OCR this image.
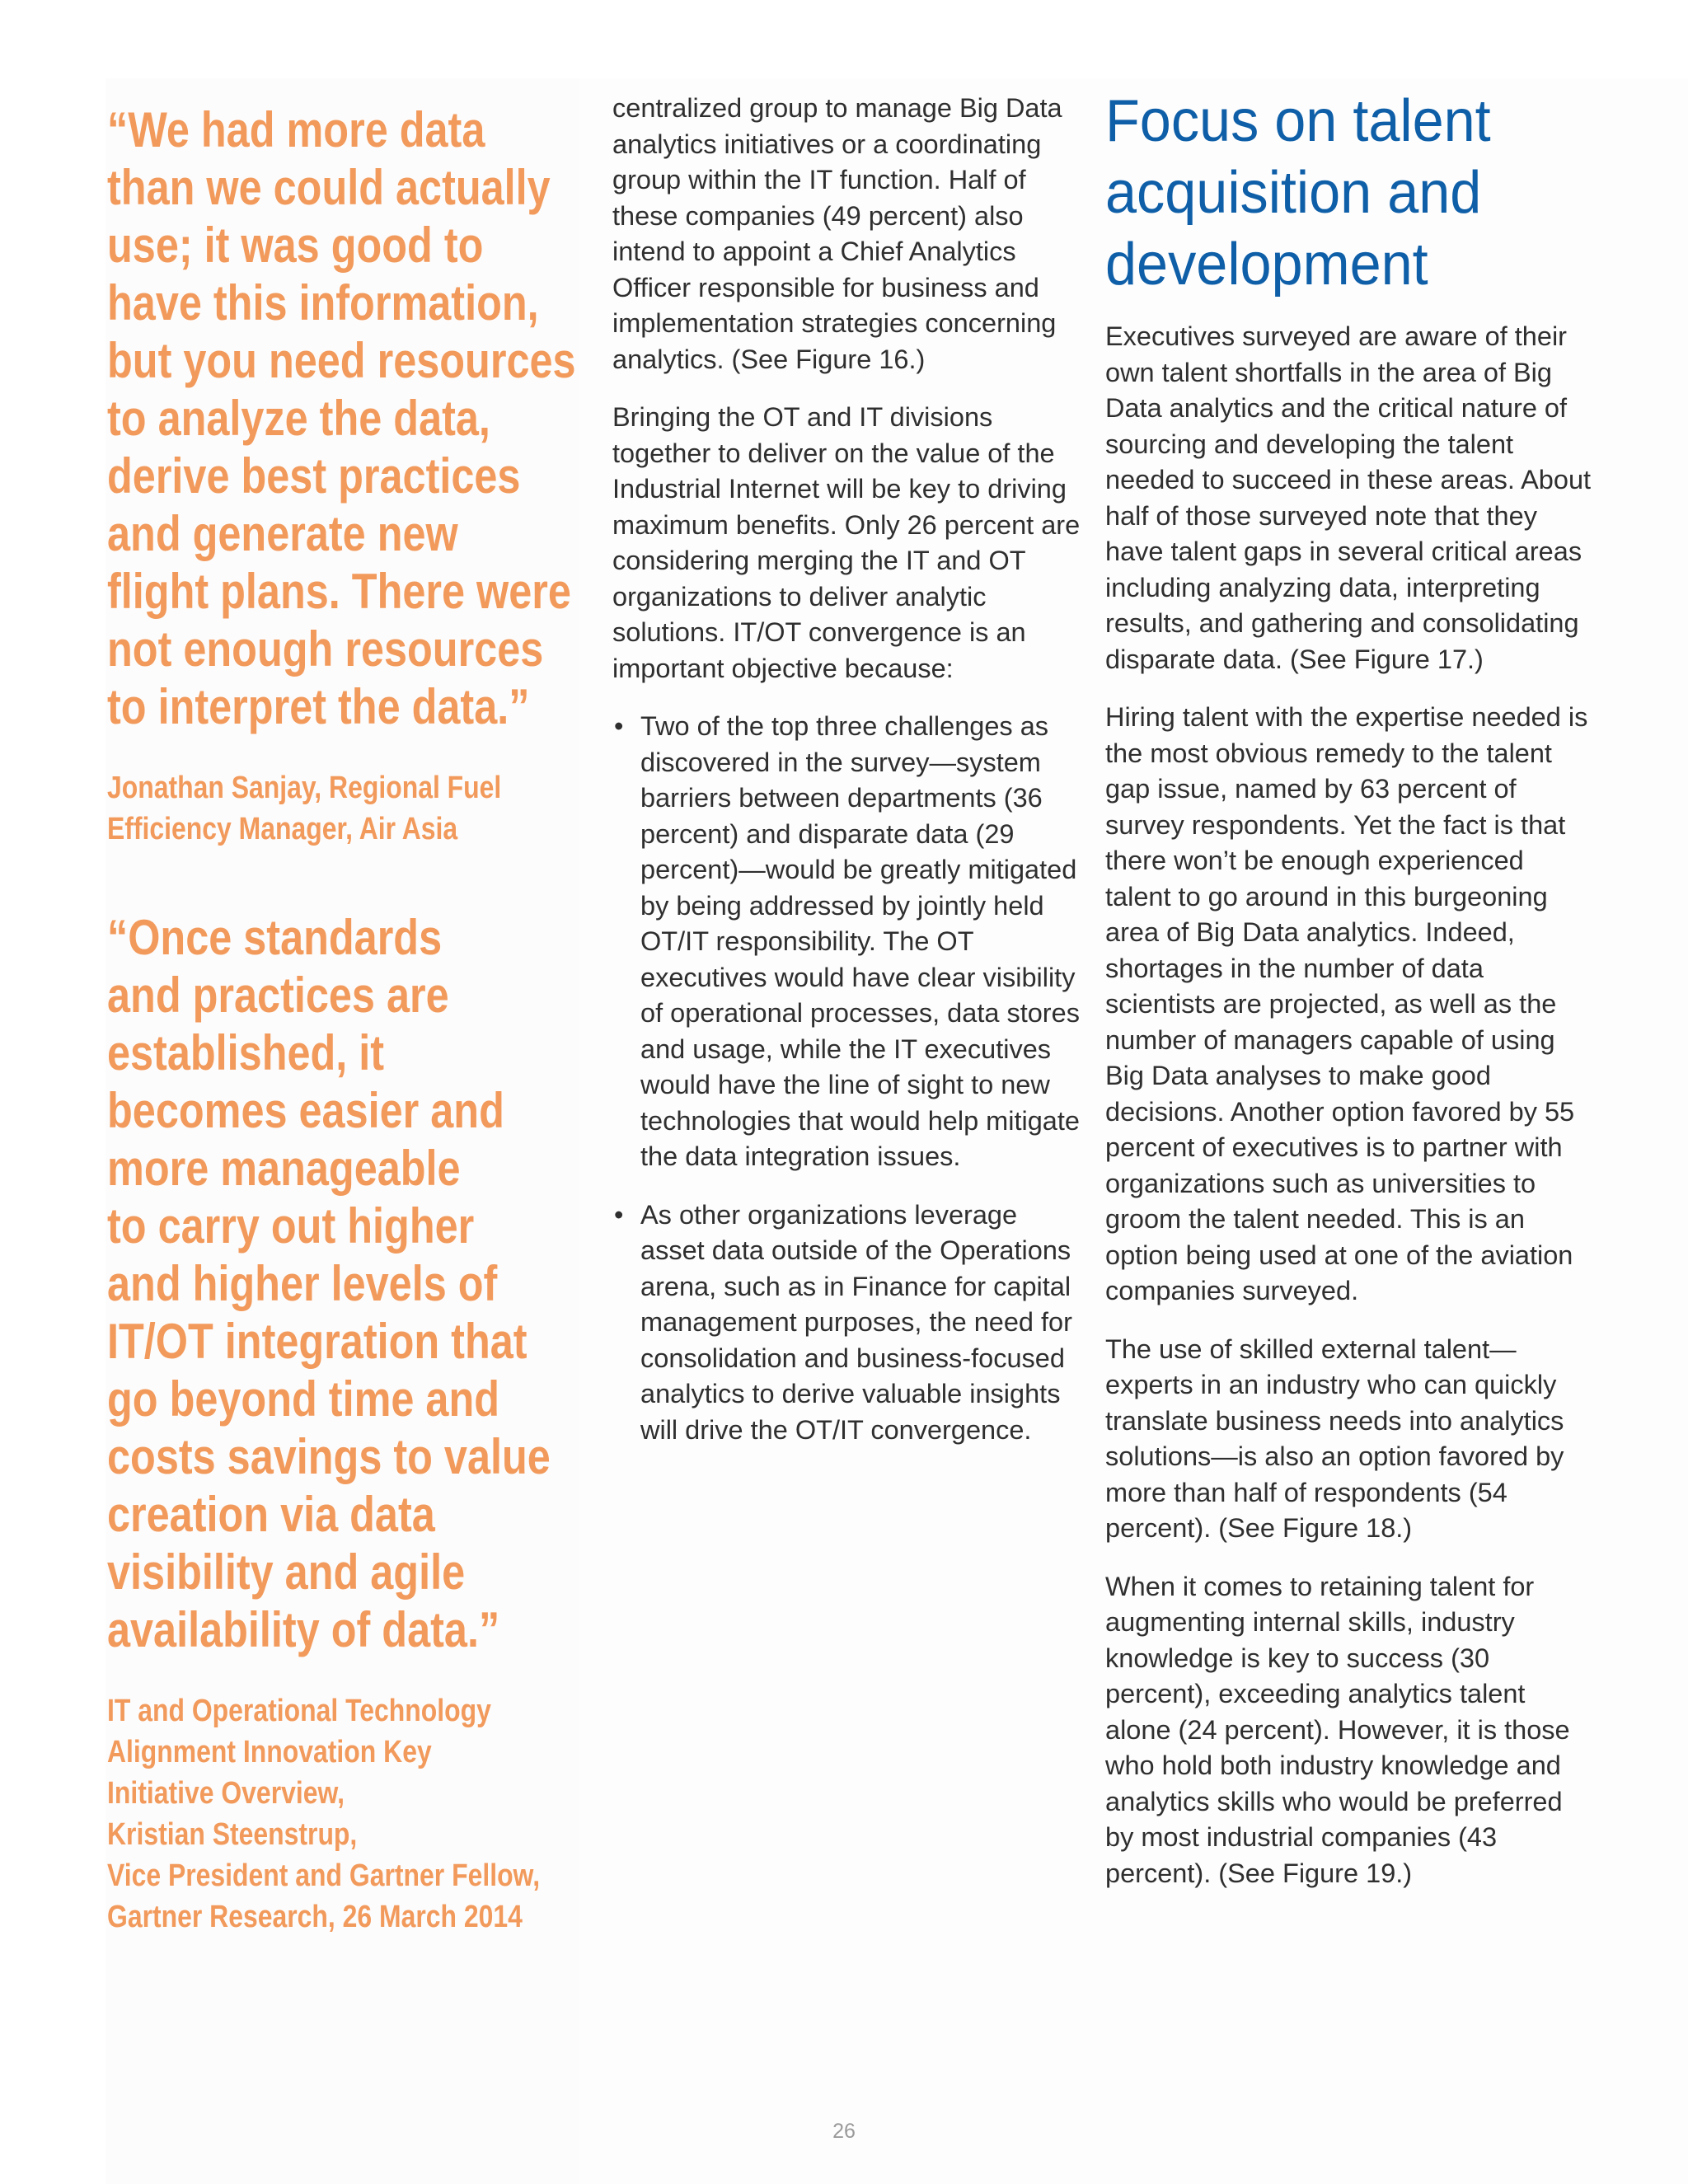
“We had more data
than we could actually
use; it was good to
have this information,
but you need resources
to analyze the data,
derive best practices
and generate new
flight plans. There were
not enough resources
to interpret the data.”

Jonathan Sanjay, Regional Fuel
Efficiency Manager, Air Asia

“Once standards
and practices are
established, it
becomes easier and
more manageable
to carry out higher
and higher levels of
IT/OT integration that
go beyond time and
costs savings to value
creation via data
visibility and agile
availability of data.”

IT and Operational Technology
Alignment Innovation Key
Initiative Overview,
Kristian Steenstrup,
Vice President and Gartner Fellow,
Gartner Research, 26 March 2014

centralized group to manage Big Data analytics initiatives or a coordinating group within the IT function. Half of these companies (49 percent) also intend to appoint a Chief Analytics Officer responsible for business and implementation strategies concerning analytics. (See Figure 16.)

Bringing the OT and IT divisions together to deliver on the value of the Industrial Internet will be key to driving maximum benefits. Only 26 percent are considering merging the IT and OT organizations to deliver analytic solutions. IT/OT convergence is an important objective because:

• Two of the top three challenges as discovered in the survey—system barriers between departments (36 percent) and disparate data (29 percent)—would be greatly mitigated by being addressed by jointly held OT/IT responsibility. The OT executives would have clear visibility of operational processes, data stores and usage, while the IT executives would have the line of sight to new technologies that would help mitigate the data integration issues.
• As other organizations leverage asset data outside of the Operations arena, such as in Finance for capital management purposes, the need for consolidation and business-focused analytics to derive valuable insights will drive the OT/IT convergence.
Focus on talent
acquisition and
development

Executives surveyed are aware of their own talent shortfalls in the area of Big Data analytics and the critical nature of sourcing and developing the talent needed to succeed in these areas. About half of those surveyed note that they have talent gaps in several critical areas including analyzing data, interpreting results, and gathering and consolidating disparate data. (See Figure 17.)

Hiring talent with the expertise needed is the most obvious remedy to the talent gap issue, named by 63 percent of survey respondents. Yet the fact is that there won’t be enough experienced talent to go around in this burgeoning area of Big Data analytics. Indeed, shortages in the number of data scientists are projected, as well as the number of managers capable of using Big Data analyses to make good decisions. Another option favored by 55 percent of executives is to partner with organizations such as universities to groom the talent needed. This is an option being used at one of the aviation companies surveyed.

The use of skilled external talent—experts in an industry who can quickly translate business needs into analytics solutions—is also an option favored by more than half of respondents (54 percent). (See Figure 18.)

When it comes to retaining talent for augmenting internal skills, industry knowledge is key to success (30 percent), exceeding analytics talent alone (24 percent). However, it is those who hold both industry knowledge and analytics skills who would be preferred by most industrial companies (43 percent). (See Figure 19.)

26
